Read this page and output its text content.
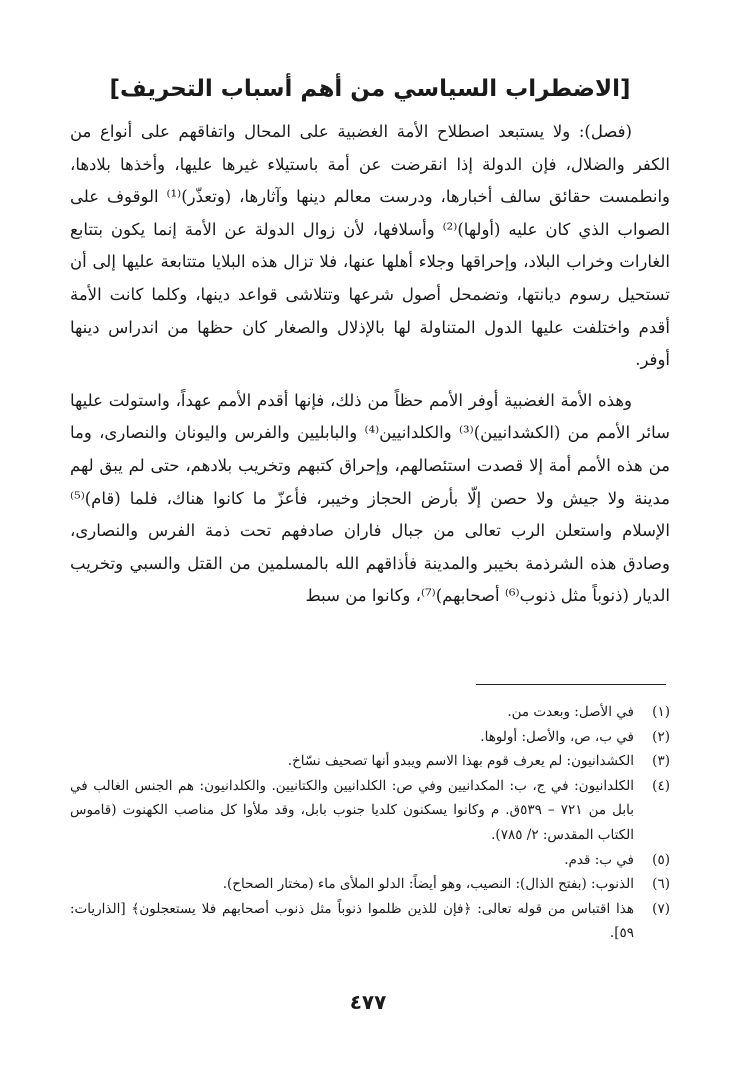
[الاضطراب السياسي من أهم أسباب التحريف]

(فصل): ولا يستبعد اصطلاح الأمة الغضبية على المحال واتفاقهم على أنواع من الكفر والضلال، فإن الدولة إذا انقرضت عن أمة باستيلاء غيرها عليها، وأخذها بلادها، وانطمست حقائق سالف أخبارها، ودرست معالم دينها وآثارها، (وتعذّر)⁽¹⁾ الوقوف على الصواب الذي كان عليه (أولها)⁽²⁾ وأسلافها، لأن زوال الدولة عن الأمة إنما يكون بتتابع الغارات وخراب البلاد، وإحراقها وجلاء أهلها عنها، فلا تزال هذه البلايا متتابعة عليها إلى أن تستحيل رسوم ديانتها، وتضمحل أصول شرعها وتتلاشى قواعد دينها، وكلما كانت الأمة أقدم واختلفت عليها الدول المتناولة لها بالإذلال والصغار كان حظها من اندراس دينها أوفر.

وهذه الأمة الغضبية أوفر الأمم حظاً من ذلك، فإنها أقدم الأمم عهداً، واستولت عليها سائر الأمم من (الكشدانيين)⁽³⁾ والكلدانيين⁽⁴⁾ والبابليين والفرس واليونان والنصارى، وما من هذه الأمم أمة إلا قصدت استئصالهم، وإحراق كتبهم وتخريب بلادهم، حتى لم يبق لهم مدينة ولا جيش ولا حصن إلّا بأرض الحجاز وخيبر، فأعزّ ما كانوا هناك، فلما (قام)⁽⁵⁾ الإسلام واستعلن الرب تعالى من جبال فاران صادفهم تحت ذمة الفرس والنصارى، وصادق هذه الشرذمة بخيبر والمدينة فأذاقهم الله بالمسلمين من القتل والسبي وتخريب الديار (ذنوباً مثل ذنوب⁽⁶⁾ أصحابهم)⁽⁷⁾، وكانوا من سبط

(١)
في الأصل: وبعدت من.
(٢)
في ب، ص، والأصل: أولوها.
(٣)
الكشدانيون: لم يعرف قوم بهذا الاسم ويبدو أنها تصحيف نسّاخ.
(٤)
الكلدانيون: في ج، ب: المكدانيين وفي ص: الكلدانيين والكتانيين. والكلدانيون: هم الجنس الغالب في بابل من ٧٢١ – ٥٣٩ق. م وكانوا يسكنون كلديا جنوب بابل، وقد ملأوا كل مناصب الكهنوت (قاموس الكتاب المقدس: ٢/ ٧٨٥).
(٥)
في ب: قدم.
(٦)
الذنوب: (بفتح الذال): النصيب، وهو أيضاً: الدلو الملأى ماء (مختار الصحاح).
(٧)
هذا اقتباس من قوله تعالى: ﴿فإن للذين ظلموا ذنوباً مثل ذنوب أصحابهم فلا يستعجلون﴾ [الذاريات: ٥٩].
٤٧٧
